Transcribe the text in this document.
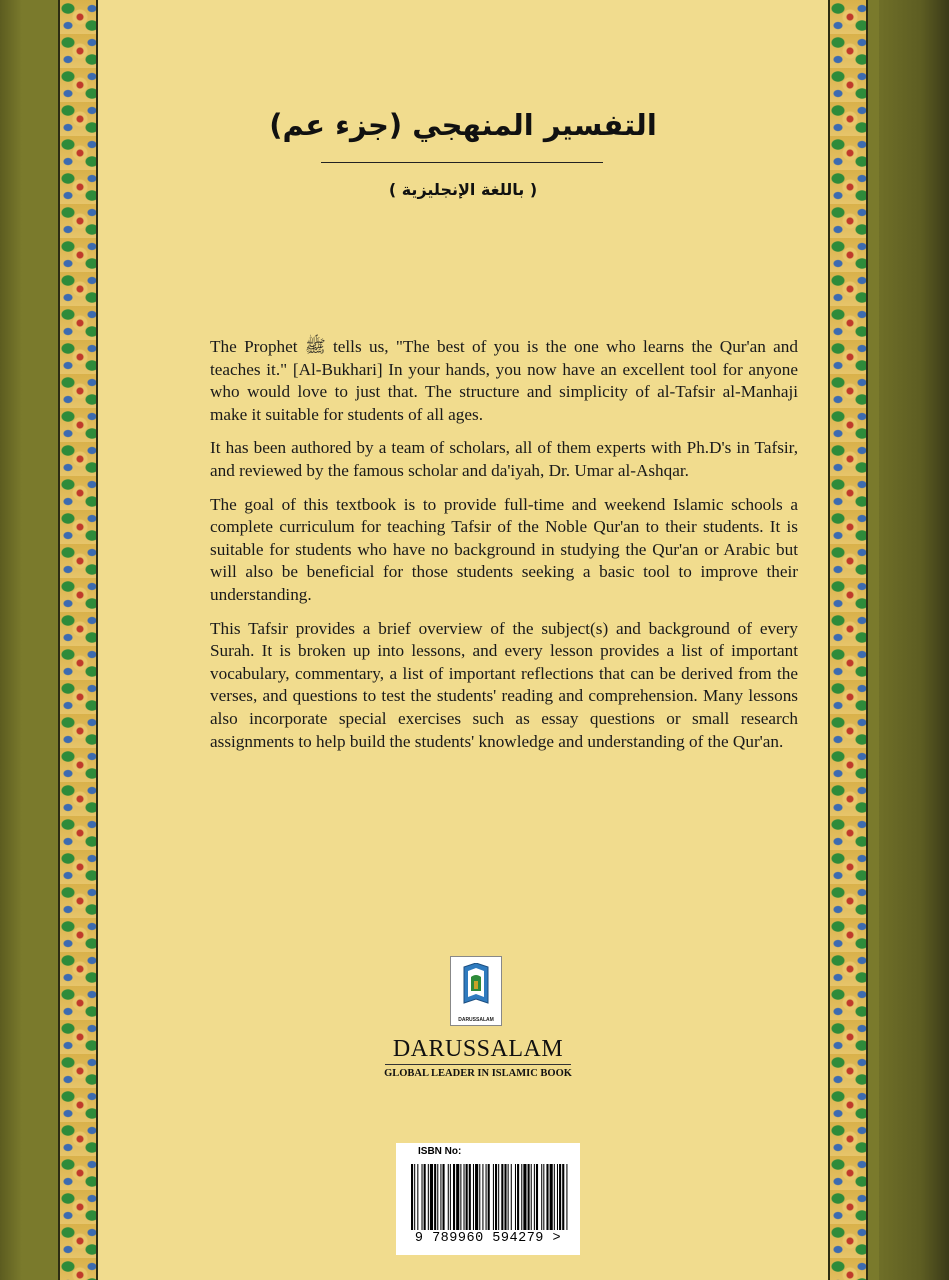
التفسير المنهجي (جزء عم)
( باللغة الإنجليزية )

The Prophet ﷺ tells us, "The best of you is the one who learns the Qur'an and teaches it." [Al-Bukhari] In your hands, you now have an excellent tool for anyone who would love to just that. The structure and simplicity of al-Tafsir al-Manhaji make it suitable for students of all ages.

It has been authored by a team of scholars, all of them experts with Ph.D's in Tafsir, and reviewed by the famous scholar and da'iyah, Dr. Umar al-Ashqar.

The goal of this textbook is to provide full-time and weekend Islamic schools a complete curriculum for teaching Tafsir of the Noble Qur'an to their students. It is suitable for students who have no background in studying the Qur'an or Arabic but will also be beneficial for those students seeking a basic tool to improve their understanding.

This Tafsir provides a brief overview of the subject(s) and background of every Surah. It is broken up into lessons, and every lesson provides a list of important vocabulary, commentary, a list of important reflections that can be derived from the verses, and questions to test the students' reading and comprehension. Many lessons also incorporate special exercises such as essay questions or small research assignments to help build the students' knowledge and understanding of the Qur'an.

DARUSSALAM
DARUSSALAM
GLOBAL LEADER IN ISLAMIC BOOK
ISBN No:
9 789960 594279 >
